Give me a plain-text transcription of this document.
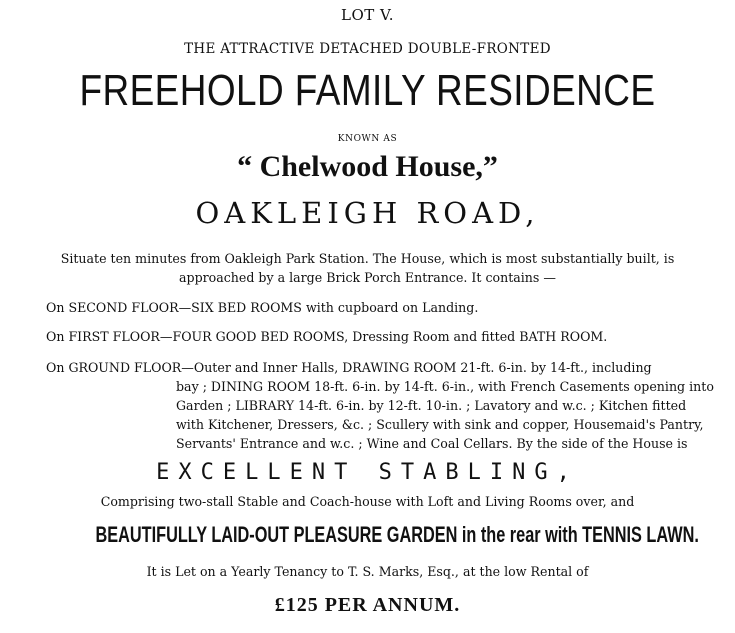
LOT V.
THE ATTRACTIVE DETACHED DOUBLE-FRONTED
FREEHOLD FAMILY RESIDENCE
KNOWN AS
“ Chelwood House,”
OAKLEIGH ROAD,
Situate ten minutes from Oakleigh Park Station. The House, which is most substantially built, is
approached by a large Brick Porch Entrance. It contains —
On SECOND FLOOR—SIX BED ROOMS with cupboard on Landing.
On FIRST FLOOR—FOUR GOOD BED ROOMS, Dressing Room and fitted BATH ROOM.
On GROUND FLOOR—Outer and Inner Halls, DRAWING ROOM 21-ft. 6-in. by 14-ft., including
bay ; DINING ROOM 18-ft. 6-in. by 14-ft. 6-in., with French Casements opening into
Garden ; LIBRARY 14-ft. 6-in. by 12-ft. 10-in. ; Lavatory and w.c. ; Kitchen fitted
with Kitchener, Dressers, &c. ; Scullery with sink and copper, Housemaid's Pantry,
Servants' Entrance and w.c. ; Wine and Coal Cellars. By the side of the House is
EXCELLENT STABLING,
Comprising two-stall Stable and Coach-house with Loft and Living Rooms over, and
BEAUTIFULLY LAID-OUT PLEASURE GARDEN in the rear with TENNIS LAWN.
It is Let on a Yearly Tenancy to T. S. Marks, Esq., at the low Rental of
£125 PER ANNUM.
